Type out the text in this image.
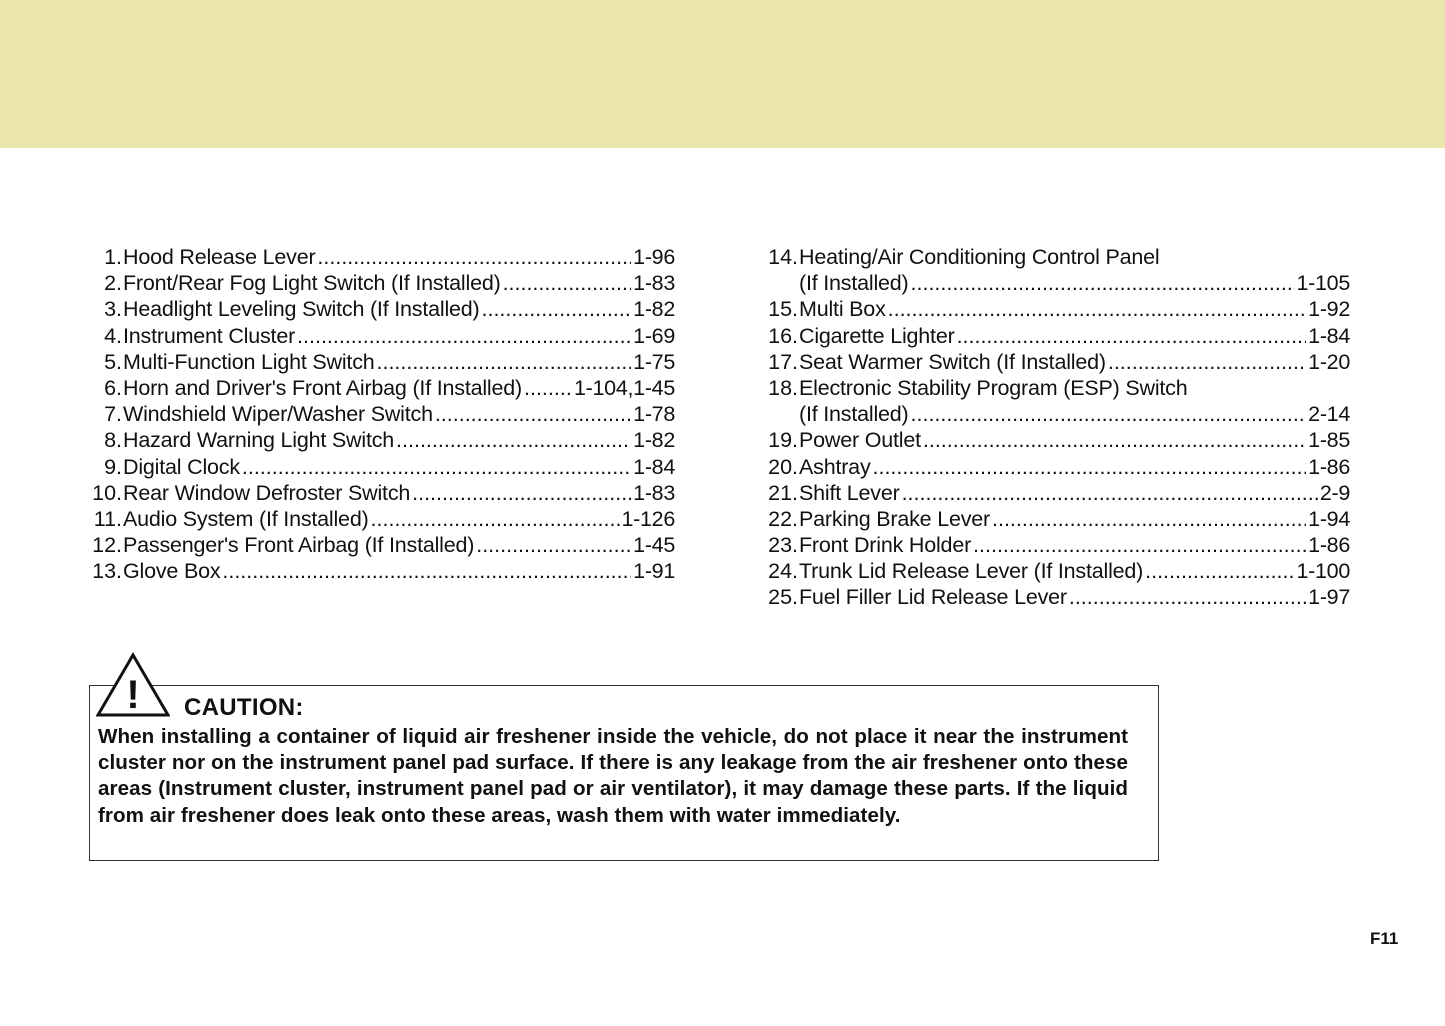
1. Hood Release Lever .....	1-96
2. Front/Rear Fog Light Switch (If Installed) .....	1-83
3. Headlight Leveling Switch (If Installed) .....	1-82
4. Instrument Cluster .....	1-69
5. Multi-Function Light Switch .....	1-75
6. Horn and Driver's Front Airbag (If Installed) ..... 1-104,1-45
7. Windshield Wiper/Washer Switch .....	1-78
8. Hazard Warning Light Switch .....	1-82
9. Digital Clock .....	1-84
10. Rear Window Defroster Switch .....	1-83
11. Audio System (If Installed) .....	1-126
12. Passenger's Front Airbag (If Installed) .....	1-45
13. Glove Box .....	1-91
14. Heating/Air Conditioning Control Panel
(If Installed) .....	1-105
15. Multi Box .....	1-92
16. Cigarette Lighter .....	1-84
17. Seat Warmer Switch (If Installed) .....	1-20
18. Electronic Stability Program (ESP) Switch
(If Installed) .....	2-14
19. Power Outlet .....	1-85
20. Ashtray .....	1-86
21. Shift Lever .....	2-9
22. Parking Brake Lever .....	1-94
23. Front Drink Holder .....	1-86
24. Trunk Lid Release Lever (If Installed) .....	1-100
25. Fuel Filler Lid Release Lever .....	1-97
! CAUTION:
When installing a container of liquid air freshener inside the vehicle, do not place it near the instrument cluster nor on the instrument panel pad surface. If there is any leakage from the air freshener onto these areas (Instrument cluster, instrument panel pad or air ventilator), it may damage these parts. If the liquid from air freshener does leak onto these areas, wash them with water immediately.
F11
